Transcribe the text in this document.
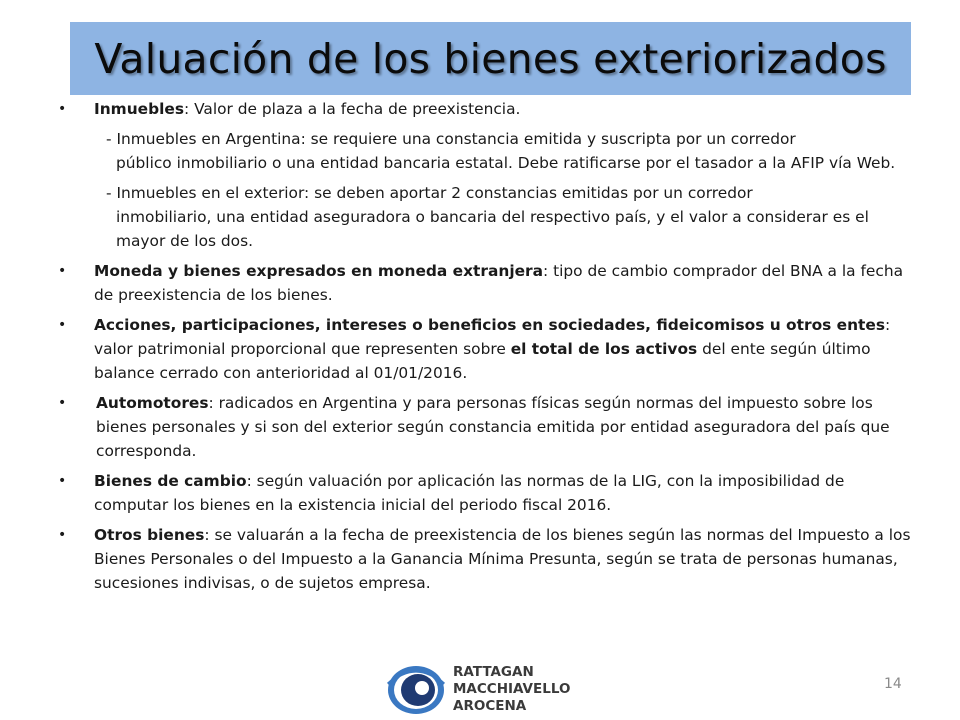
Valuación de los bienes exteriorizados
• Inmuebles: Valor de plaza a la fecha de preexistencia.
- Inmuebles en Argentina: se requiere una constancia emitida y suscripta por un corredor
público inmobiliario o una entidad bancaria estatal. Debe ratificarse por el tasador a la AFIP vía Web.
- Inmuebles en el exterior: se deben aportar 2 constancias emitidas por un corredor
inmobiliario, una entidad aseguradora o bancaria del respectivo país, y el valor a considerar es el mayor de los dos.
• Moneda y bienes expresados en moneda extranjera: tipo de cambio comprador del BNA a la fecha de preexistencia de los bienes.
• Acciones, participaciones, intereses o beneficios en sociedades, fideicomisos u otros entes: valor patrimonial proporcional que representen sobre el total de los activos del ente según último balance cerrado con anterioridad al 01/01/2016.
• Automotores: radicados en Argentina y para personas físicas según normas del impuesto sobre los bienes personales y si son del exterior según constancia emitida por entidad aseguradora del país que corresponda.
• Bienes de cambio: según valuación por aplicación las normas de la LIG, con la imposibilidad de computar los bienes en la existencia inicial del periodo fiscal 2016.
• Otros bienes: se valuarán a la fecha de preexistencia de los bienes según las normas del Impuesto a los Bienes Personales o del Impuesto a la Ganancia Mínima Presunta, según se trata de personas humanas, sucesiones indivisas, o de sujetos empresa.
RATTAGAN
MACCHIAVELLO
AROCENA
14
